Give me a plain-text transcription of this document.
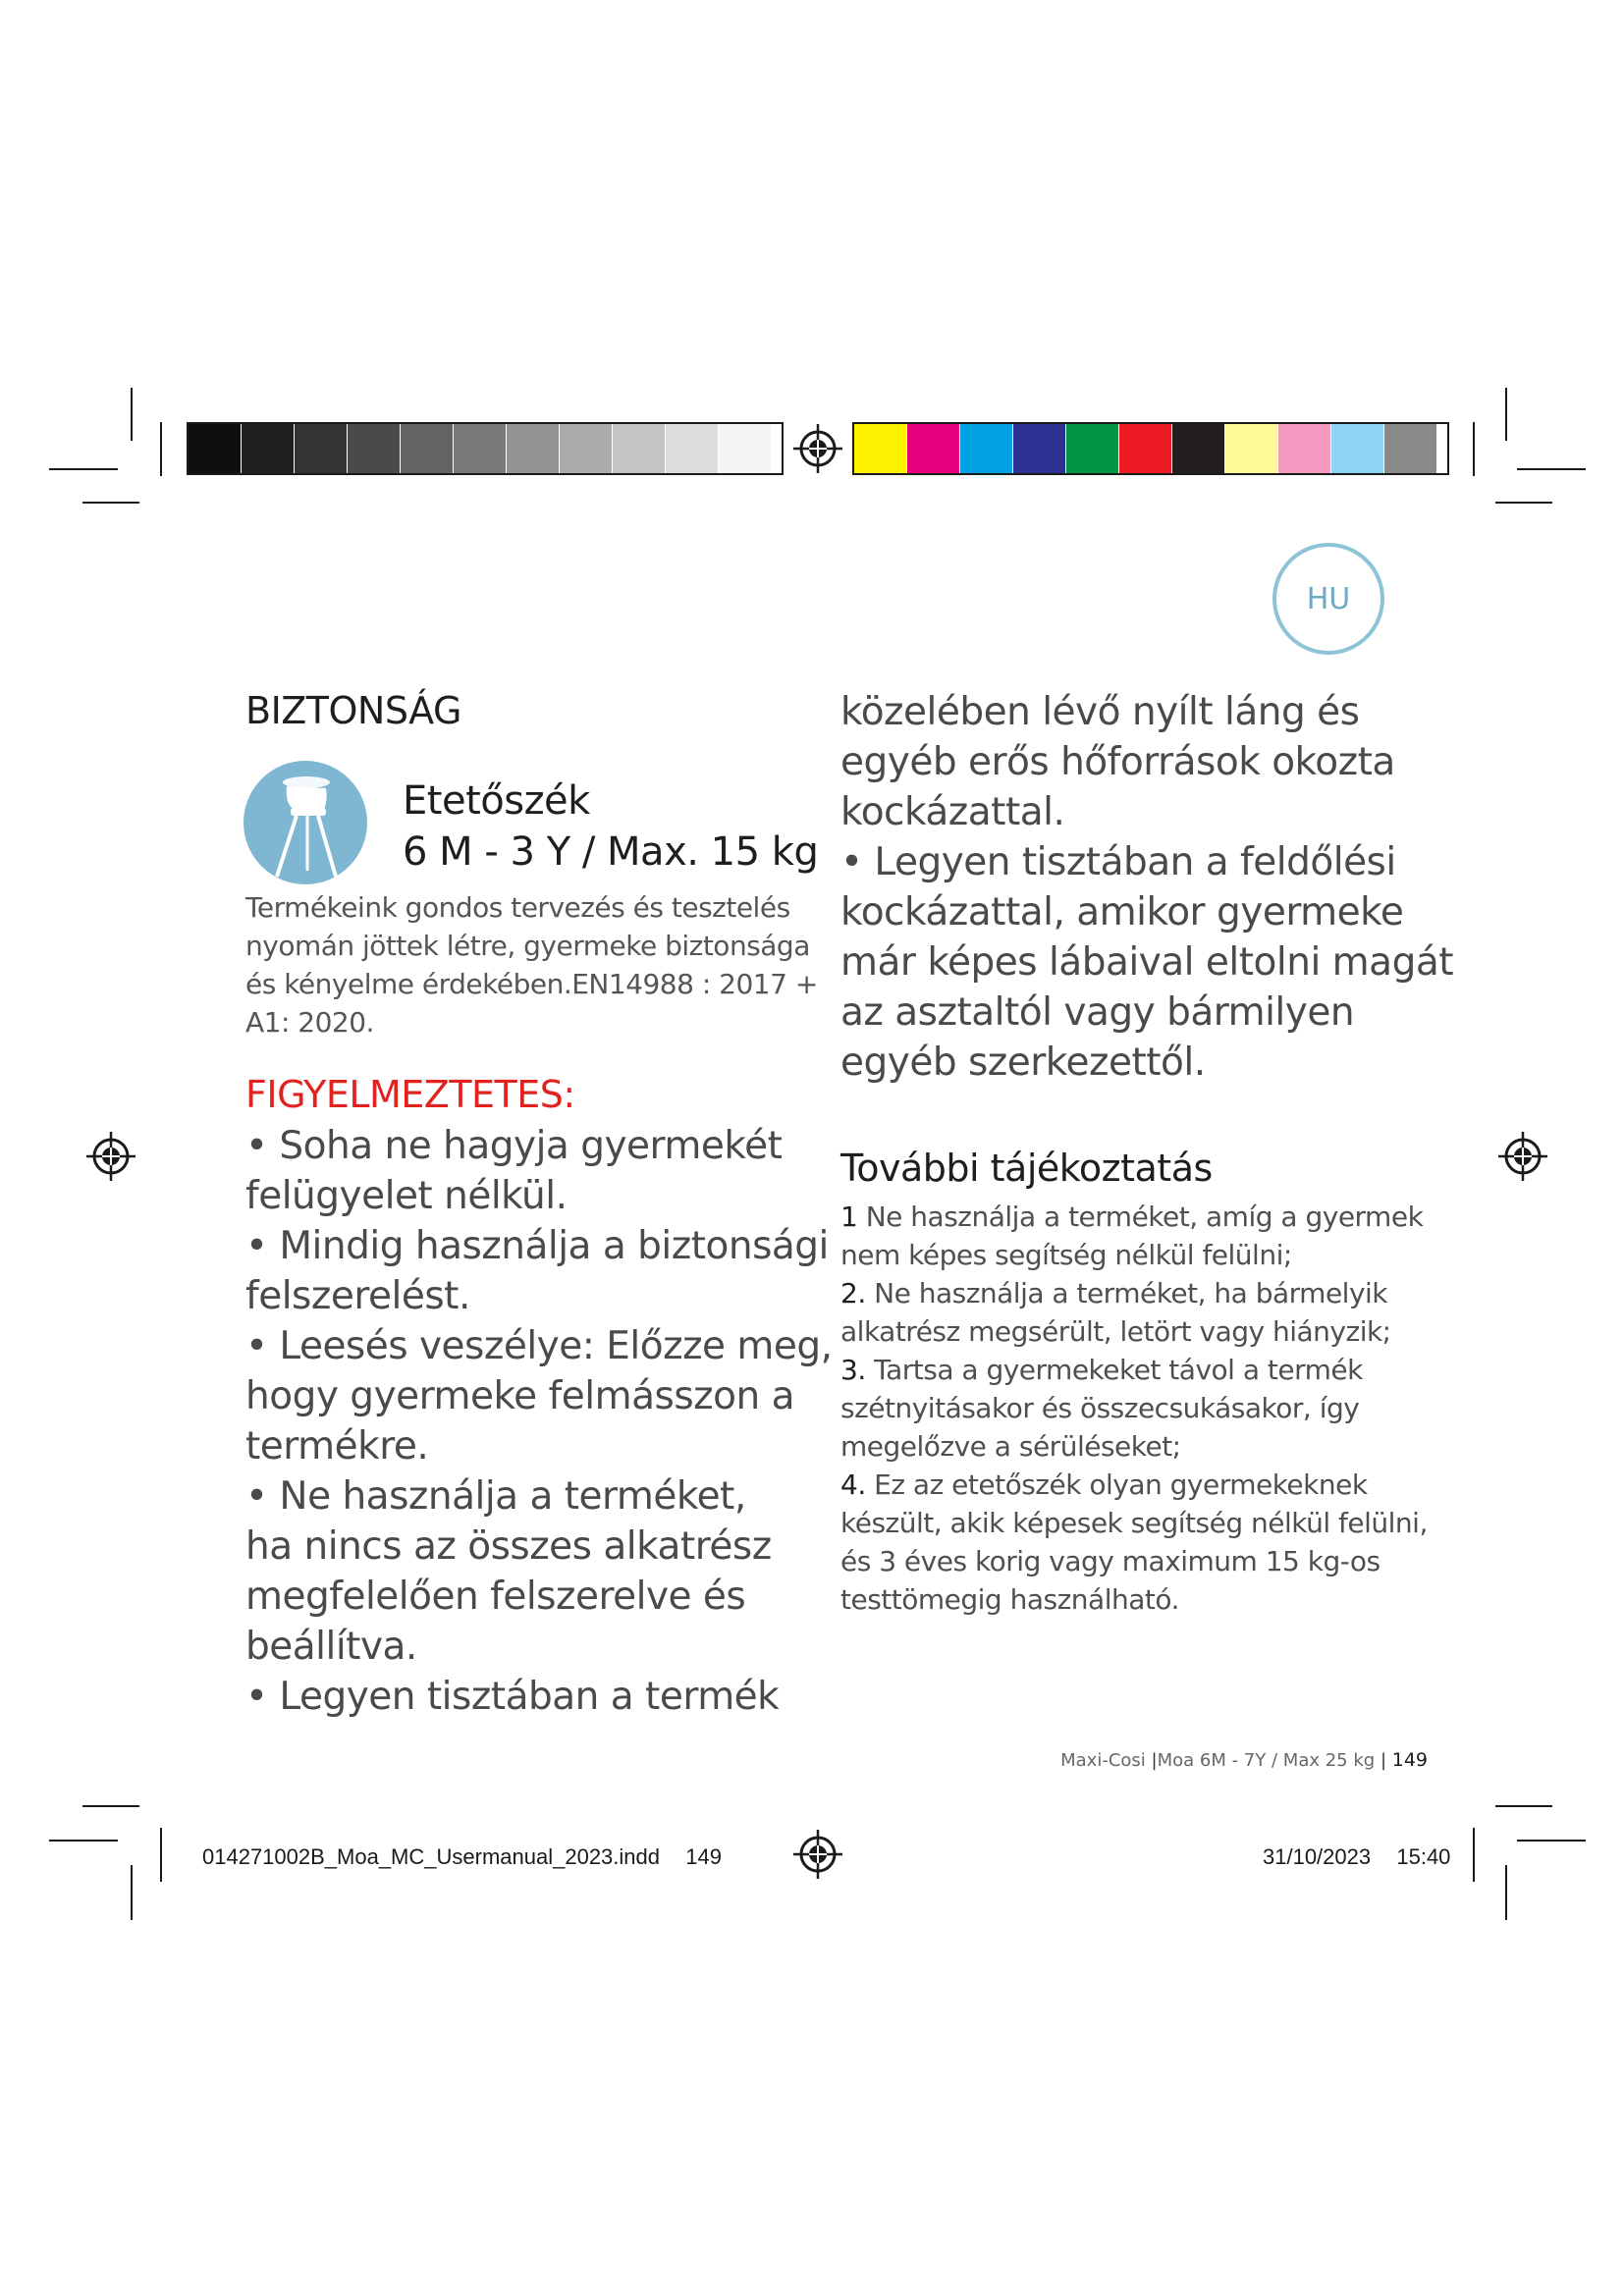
HU
BIZTONSÁG
Etetőszék
6 M - 3 Y / Max. 15 kg
Termékeink gondos tervezés és tesztelés
nyomán jöttek létre, gyermeke biztonsága
és kényelme érdekében.EN14988 : 2017 +
A1: 2020.
FIGYELMEZTETES:

• Soha ne hagyja gyermekét

felügyelet nélkül.

• Mindig használja a biztonsági

felszerelést.

• Leesés veszélye: Előzze meg,

hogy gyermeke felmásszon a

termékre.

• Ne használja a terméket,

ha nincs az összes alkatrész

megfelelően felszerelve és

beállítva.

• Legyen tisztában a termék

közelében lévő nyílt láng és

egyéb erős hőforrások okozta

kockázattal.

• Legyen tisztában a feldőlési

kockázattal, amikor gyermeke

már képes lábaival eltolni magát

az asztaltól vagy bármilyen

egyéb szerkezettől.

További tájékoztatás

1 Ne használja a terméket, amíg a gyermek

nem képes segítség nélkül felülni;

2. Ne használja a terméket, ha bármelyik

alkatrész megsérült, letört vagy hiányzik;

3. Tartsa a gyermekeket távol a termék

szétnyitásakor és összecsukásakor, így

megelőzve a sérüléseket;

4. Ez az etetőszék olyan gyermekeknek

készült, akik képesek segítség nélkül felülni,

és 3 éves korig vagy maximum 15 kg-os

testtömegig használható.

Maxi-Cosi |Moa 6M - 7Y / Max 25 kg | 149
014271002B_Moa_MC_Usermanual_2023.indd 149	31/10/2023 15:40
